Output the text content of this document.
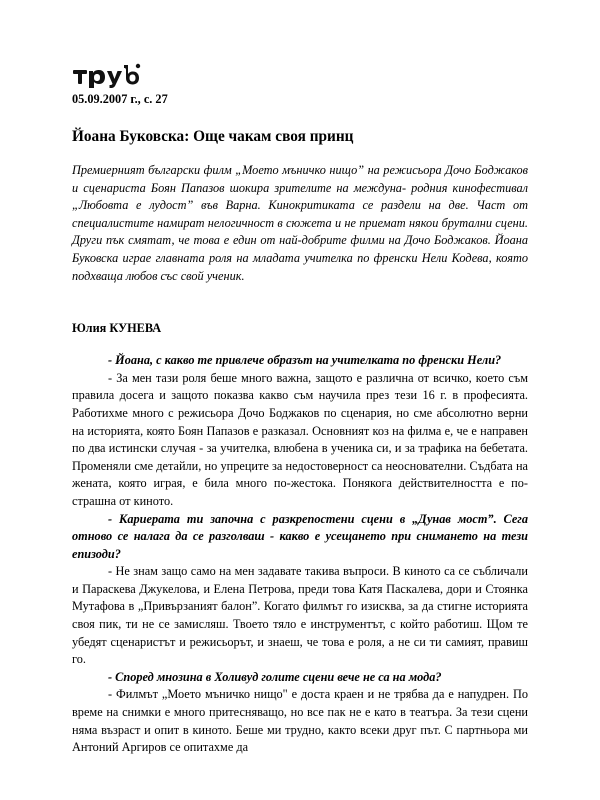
05.09.2007 г., с. 27
Йоана Буковска: Още чакам своя принц
Премиерният български филм „Моето мъничко нищо” на режисьора Дочо Боджаков и сценариста Боян Папазов шокира зрителите на междуна- родния кинофестивал „Любовта е лудост” във Варна. Кинокритиката се раздели на две. Част от специалистите намират нелогичност в сюжета и не приемат някои брутални сцени. Други пък смятат, че това е един от най-добрите филми на Дочо Боджаков. Йоана Буковска играе главната роля на младата учителка по френски Нели Кодева, която подхваща любов със свой ученик.
Юлия КУНЕВА

- Йоана, с какво те привлече образът на учителката по френски Нели?

- За мен тази роля беше много важна, защото е различна от всичко, което съм правила досега и защото показва какво съм научила през тези 16 г. в професията. Работихме много с режисьора Дочо Боджаков по сценария, но сме абсолютно верни на историята, която Боян Папазов е разказал. Основният коз на филма е, че е направен по два истински случая - за учителка, влюбена в ученика си, и за трафика на бебетата. Променяли сме детайли, но упреците за недостоверност са неоснователни. Съдбата на жената, която играя, е била много по-жестока. Понякога действителността е по-страшна от киното.

- Кариерата ти започна с разкрепостени сцени в „Дунав мост”. Сега отново се налага да се разголваш - какво е усещането при снимането на тези епизоди?

- Не знам защо само на мен задавате такива въпроси. В киното са се събличали и Параскева Джукелова, и Елена Петрова, преди това Катя Паскалева, дори и Стоянка Мутафова в „Привързаният балон”. Когато филмът го изисква, за да стигне историята своя пик, ти не се замисляш. Твоето тяло е инструментът, с който работиш. Щом те убедят сценаристът и режисьорът, и знаеш, че това е роля, а не си ти самият, правиш го.

- Според мнозина в Холивуд голите сцени вече не са на мода?

- Филмът „Моето мъничко нищо" е доста краен и не трябва да е напудрен. По време на снимки е много притесняващо, но все пак не е като в театъра. За тези сцени няма възраст и опит в киното. Беше ми трудно, както всеки друг път. С партньора ми Антоний Аргиров се опитахме да
